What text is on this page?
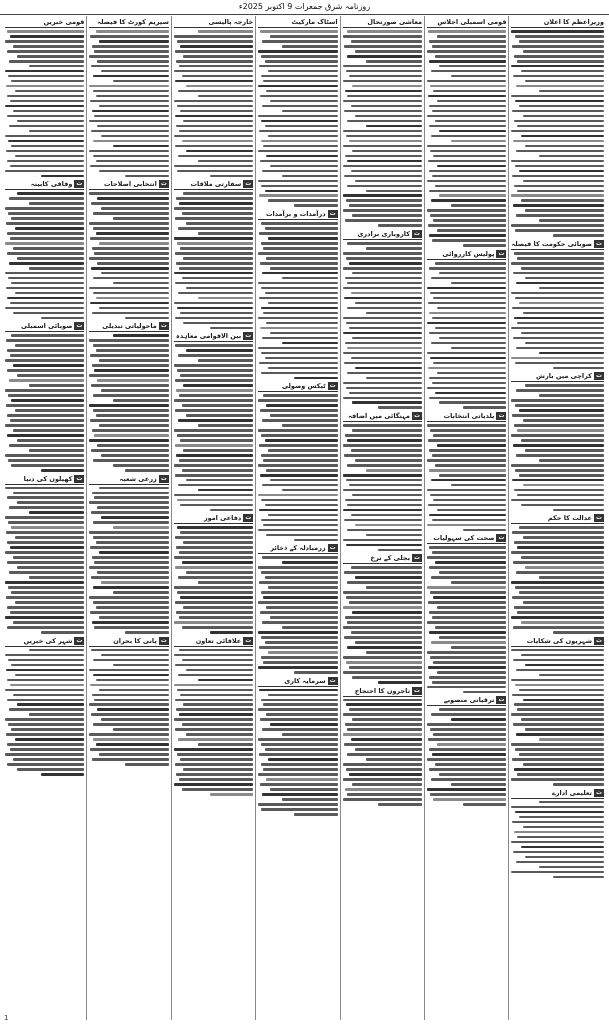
روزنامہ شرق جمعرات 9 اکتوبر 2025ء
وزیراعظم کا اعلان
ت
صوبائی حکومت کا فیصلہ
ت
کراچی میں بارش
ت
عدالت کا حکم
ت
شہریوں کی شکایات
ت
تعلیمی ادارے
قومی اسمبلی اجلاس
ت
پولیس کارروائی
ت
بلدیاتی انتخابات
ت
صحت کی سہولیات
ت
ترقیاتی منصوبے
معاشی صورتحال
ت
کاروباری برادری
ت
مہنگائی میں اضافہ
ت
بجلی کے نرخ
ت
تاجروں کا احتجاج
اسٹاک مارکیٹ
ت
درآمدات و برآمدات
ت
ٹیکس وصولی
ت
زرمبادلہ کے ذخائر
ت
سرمایہ کاری
خارجہ پالیسی
ت
سفارتی ملاقات
ت
بین الاقوامی معاہدہ
ت
دفاعی امور
ت
علاقائی تعاون
سپریم کورٹ کا فیصلہ
ت
انتخابی اصلاحات
ت
ماحولیاتی تبدیلی
ت
زرعی شعبہ
ت
پانی کا بحران
قومی خبریں
ت
وفاقی کابینہ
ت
صوبائی اسمبلی
ت
کھیلوں کی دنیا
ت
شہر کی خبریں
1
